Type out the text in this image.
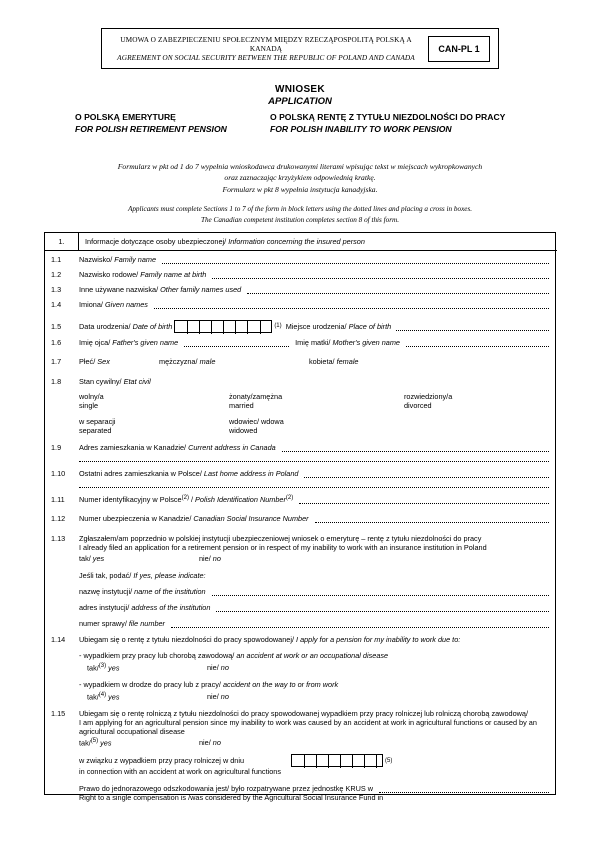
UMOWA O ZABEZPIECZENIU SPOŁECZNYM MIĘDZY RZECZĄPOSPOLITĄ POLSKĄ A KANADĄ
AGREEMENT ON SOCIAL SECURITY BETWEEN THE REPUBLIC OF POLAND AND CANADA
CAN-PL 1
WNIOSEK
APPLICATION
O POLSKĄ EMERYTURĘ
FOR POLISH RETIREMENT PENSION
O POLSKĄ RENTĘ Z TYTUŁU NIEZDOLNOŚCI DO PRACY
FOR POLISH INABILITY TO WORK PENSION
Formularz w pkt od 1 do 7 wypełnia wnioskodawca drukowanymi literami wpisując tekst w miejscach wykropkowanych
oraz zaznaczając krzyżykiem odpowiednią kratkę.
Formularz w pkt 8 wypełnia instytucja kanadyjska.
Applicants must complete Sections 1 to 7 of the form in block letters using the dotted lines and placing a cross in boxes.
The Canadian competent institution completes section 8 of this form.
1.	Informacje dotyczące osoby ubezpieczonej/ Information concerning the insured person
1.1	Nazwisko/
Family name
1.2	Nazwisko rodowe/
Family name at birth
1.3	Inne używane nazwiska/
Other family names used
1.4	Imiona/
Given names
1.5	Data urodzenia/
Date of birth	(1)
Miejsce urodzenia/
Place of birth
1.6	Imię ojca/
Father's given name	Imię matki/
Mother's given name
1.7	Płeć/ Sex	mężczyzna/ male	kobieta/ female
1.8	Stan cywilny/ Etat civil
wolny/a
single
żonaty/zamężna
married
rozwiedziony/a
divorced
w separacji
separated
wdowiec/ wdowa
widowed
1.9	Adres zamieszkania w Kanadzie/
Current address in Canada
1.10	Ostatni adres zamieszkania w Polsce/
Last home address in Poland
1.11	Numer identyfikacyjny w Polsce (2) / Polish Identification Number (2)
1.12	Numer ubezpieczenia w Kanadzie/
Canadian Social Insurance Number
1.13	Zgłaszałem/am poprzednio w polskiej instytucji ubezpieczeniowej wniosek o emeryturę – rentę z tytułu niezdolności do pracy
I already filed an application for a retirement pension or in respect of my inability to work with an insurance institution in Poland
tak/ yes	nie/ no
Jeśli tak, podać/ If yes, please indicate:
nazwę instytucji/
name of the institution
adres instytucji/
address of the institution
numer sprawy/
file number
1.14	Ubiegam się o rentę z tytułu niezdolności do pracy spowodowanej/
I apply for a pension for my inability to work due to:
- wypadkiem przy pracy lub chorobą zawodową/ an accident at work or an occupational disease
tak/$^{(3)}$ yes	nie/ no
- wypadkiem w drodze do pracy lub z pracy/ accident on the way to or from work
tak/$^{(4)}$ yes	nie/ no
1.15	Ubiegam się o rentę rolniczą z tytułu niezdolności do pracy spowodowanej wypadkiem przy pracy rolniczej lub rolniczą chorobą zawodową/
I am applying for an agricultural pension since my inability to work was caused by an accident at work in agricultural functions or caused by an agricultural occupational disease
tak/$^{(5)}$ yes	nie/ no
w związku z wypadkiem przy pracy rolniczej w dniu	(5)
in connection with an accident at work on agricultural functions
Prawo do jednorazowego odszkodowania jest/ było rozpatrywane przez jednostkę KRUS w
Right to a single compensation is /was considered by the Agricultural Social Insurance Fund in
